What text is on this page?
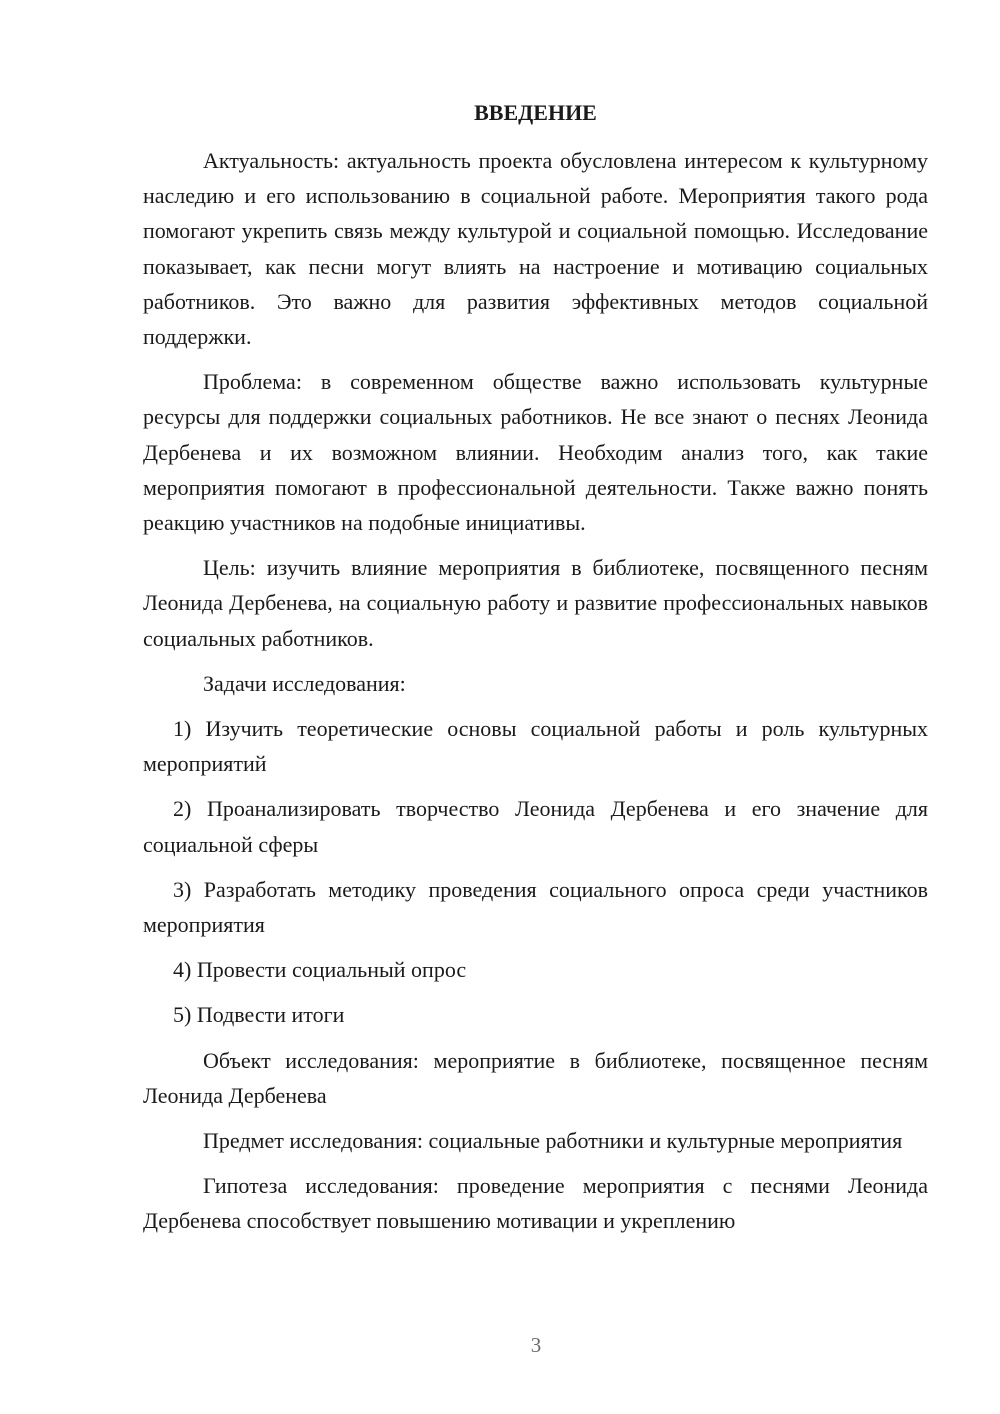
ВВЕДЕНИЕ

Актуальность: актуальность проекта обусловлена интересом к культурному наследию и его использованию в социальной работе. Мероприятия такого рода помогают укрепить связь между культурой и социальной помощью. Исследование показывает, как песни могут влиять на настроение и мотивацию социальных работников. Это важно для развития эффективных методов социальной поддержки.

Проблема: в современном обществе важно использовать культурные ресурсы для поддержки социальных работников. Не все знают о песнях Леонида Дербенева и их возможном влиянии. Необходим анализ того, как такие мероприятия помогают в профессиональной деятельности. Также важно понять реакцию участников на подобные инициативы.

Цель: изучить влияние мероприятия в библиотеке, посвященного песням Леонида Дербенева, на социальную работу и развитие профессиональных навыков социальных работников.

Задачи исследования:

1) Изучить теоретические основы социальной работы и роль культурных мероприятий

2) Проанализировать творчество Леонида Дербенева и его значение для социальной сферы

3) Разработать методику проведения социального опроса среди участников мероприятия

4) Провести социальный опрос

5) Подвести итоги

Объект исследования: мероприятие в библиотеке, посвященное песням Леонида Дербенева

Предмет исследования: социальные работники и культурные мероприятия

Гипотеза исследования: проведение мероприятия с песнями Леонида Дербенева способствует повышению мотивации и укреплению

3
